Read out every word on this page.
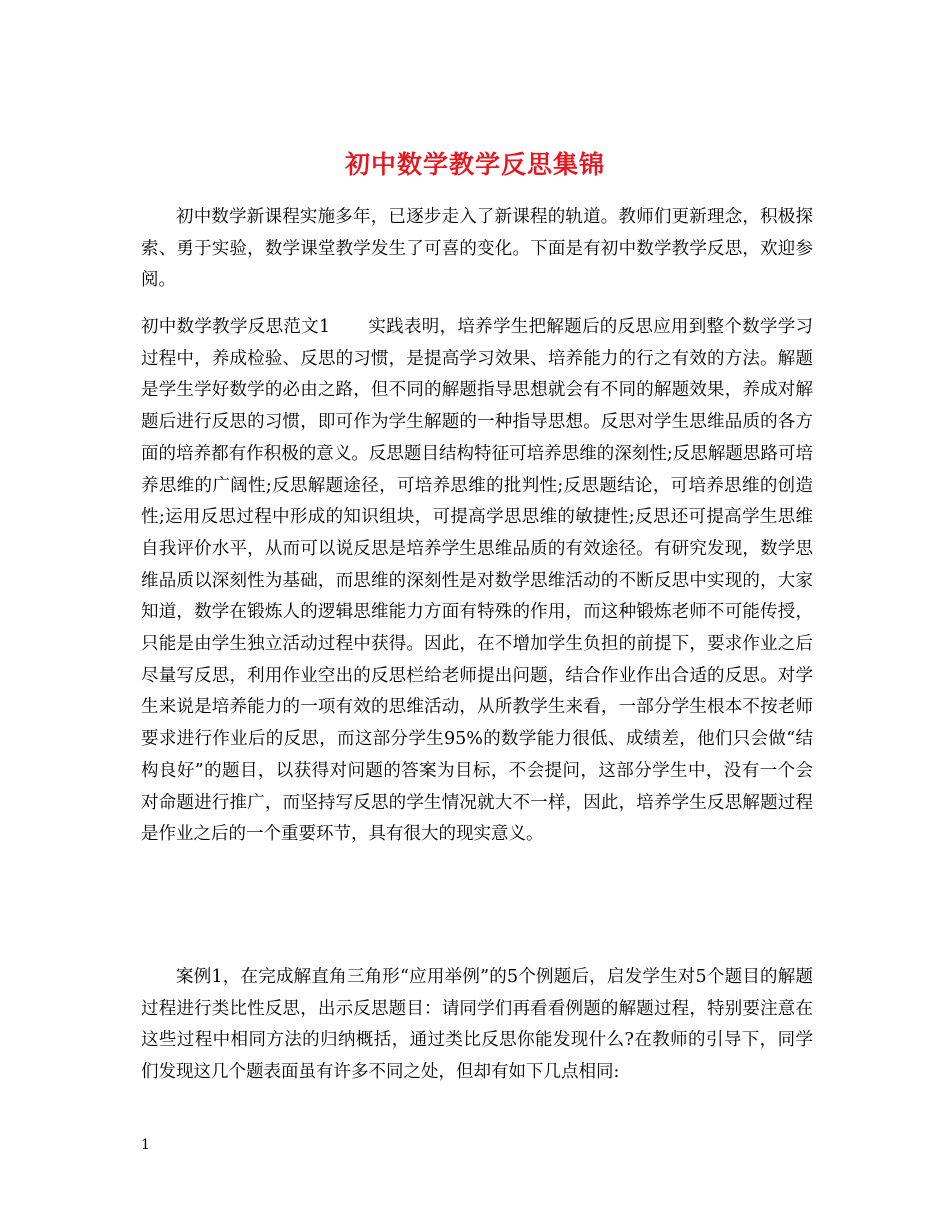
初中数学教学反思集锦

初中数学新课程实施多年，已逐步走入了新课程的轨道。教师们更新理念，积极探索、勇于实验，数学课堂教学发生了可喜的变化。下面是有初中数学教学反思，欢迎参阅。

初中数学教学反思范文1 实践表明，培养学生把解题后的反思应用到整个数学学习过程中，养成检验、反思的习惯，是提高学习效果、培养能力的行之有效的方法。解题是学生学好数学的必由之路，但不同的解题指导思想就会有不同的解题效果，养成对解题后进行反思的习惯，即可作为学生解题的一种指导思想。反思对学生思维品质的各方面的培养都有作积极的意义。反思题目结构特征可培养思维的深刻性;反思解题思路可培养思维的广阔性;反思解题途径，可培养思维的批判性;反思题结论，可培养思维的创造性;运用反思过程中形成的知识组块，可提高学思思维的敏捷性;反思还可提高学生思维自我评价水平，从而可以说反思是培养学生思维品质的有效途径。有研究发现，数学思维品质以深刻性为基础，而思维的深刻性是对数学思维活动的不断反思中实现的，大家知道，数学在锻炼人的逻辑思维能力方面有特殊的作用，而这种锻炼老师不可能传授，只能是由学生独立活动过程中获得。因此，在不增加学生负担的前提下，要求作业之后尽量写反思，利用作业空出的反思栏给老师提出问题，结合作业作出合适的反思。对学生来说是培养能力的一项有效的思维活动，从所教学生来看，一部分学生根本不按老师要求进行作业后的反思，而这部分学生95%的数学能力很低、成绩差，他们只会做“结构良好”的题目，以获得对问题的答案为目标，不会提问，这部分学生中，没有一个会对命题进行推广，而坚持写反思的学生情况就大不一样，因此，培养学生反思解题过程是作业之后的一个重要环节，具有很大的现实意义。

案例1，在完成解直角三角形“应用举例”的5个例题后，启发学生对5个题目的解题过程进行类比性反思，出示反思题目：请同学们再看看例题的解题过程，特别要注意在这些过程中相同方法的归纳概括，通过类比反思你能发现什么?在教师的引导下，同学们发现这几个题表面虽有许多不同之处，但却有如下几点相同:

1
